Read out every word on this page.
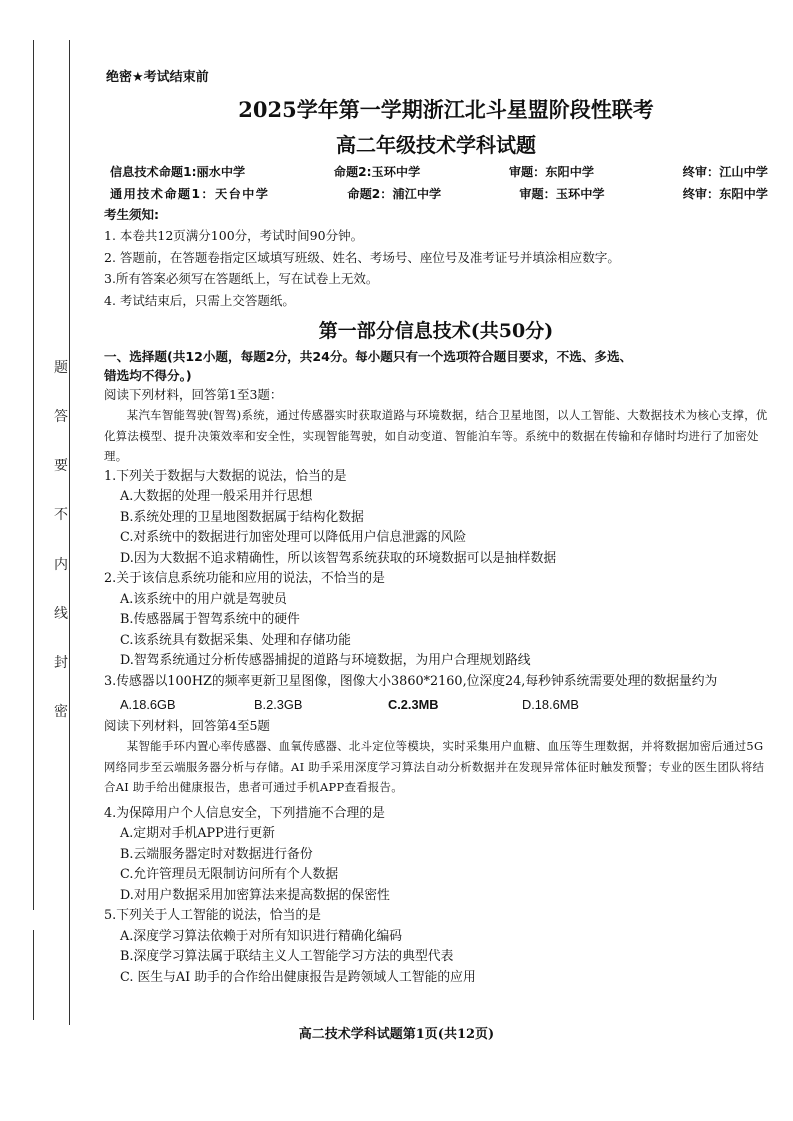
题
答
要
不
内
线
封
密

绝密★考试结束前

2025学年第一学期浙江北斗星盟阶段性联考
高二年级技术学科试题
信息技术命题1:丽水中学	命题2:玉环中学	审题：东阳中学	终审：江山中学
通用技术命题1：天台中学	命题2：浦江中学	审题：玉环中学	终审：东阳中学

考生须知:

1. 本卷共12页满分100分，考试时间90分钟。

2. 答题前，在答题卷指定区域填写班级、姓名、考场号、座位号及准考证号并填涂相应数字。

3.所有答案必须写在答题纸上，写在试卷上无效。

4. 考试结束后，只需上交答题纸。

第一部分信息技术(共50分)

一、选择题(共12小题，每题2分，共24分。每小题只有一个选项符合题目要求，不选、多选、

错选均不得分。)

阅读下列材料，回答第1至3题：

某汽车智能驾驶(智驾)系统，通过传感器实时获取道路与环境数据，结合卫星地图，以人工智能、大数据技术为核心支撑，优化算法模型、提升决策效率和安全性，实现智能驾驶，如自动变道、智能泊车等。系统中的数据在传输和存储时均进行了加密处理。

1.下列关于数据与大数据的说法，恰当的是

A.大数据的处理一般采用并行思想

B.系统处理的卫星地图数据属于结构化数据

C.对系统中的数据进行加密处理可以降低用户信息泄露的风险

D.因为大数据不追求精确性，所以该智驾系统获取的环境数据可以是抽样数据

2.关于该信息系统功能和应用的说法，不恰当的是

A.该系统中的用户就是驾驶员

B.传感器属于智驾系统中的硬件

C.该系统具有数据采集、处理和存储功能

D.智驾系统通过分析传感器捕捉的道路与环境数据，为用户合理规划路线

3.传感器以100HZ的频率更新卫星图像，图像大小3860*2160,位深度24,每秒钟系统需要处理的数据量约为

A.18.6GB	B.2.3GB	C.2.3MB	D.18.6MB

阅读下列材料，回答第4至5题

某智能手环内置心率传感器、血氧传感器、北斗定位等模块，实时采集用户血糖、血压等生理数据，并将数据加密后通过5G网络同步至云端服务器分析与存储。AI 助手采用深度学习算法自动分析数据并在发现异常体征时触发预警；专业的医生团队将结合AI 助手给出健康报告，患者可通过手机APP查看报告。

4.为保障用户个人信息安全，下列措施不合理的是

A.定期对手机APP进行更新

B.云端服务器定时对数据进行备份

C.允许管理员无限制访问所有个人数据

D.对用户数据采用加密算法来提高数据的保密性

5.下列关于人工智能的说法，恰当的是

A.深度学习算法依赖于对所有知识进行精确化编码

B.深度学习算法属于联结主义人工智能学习方法的典型代表

C. 医生与AI 助手的合作给出健康报告是跨领域人工智能的应用

高二技术学科试题第1页(共12页)
